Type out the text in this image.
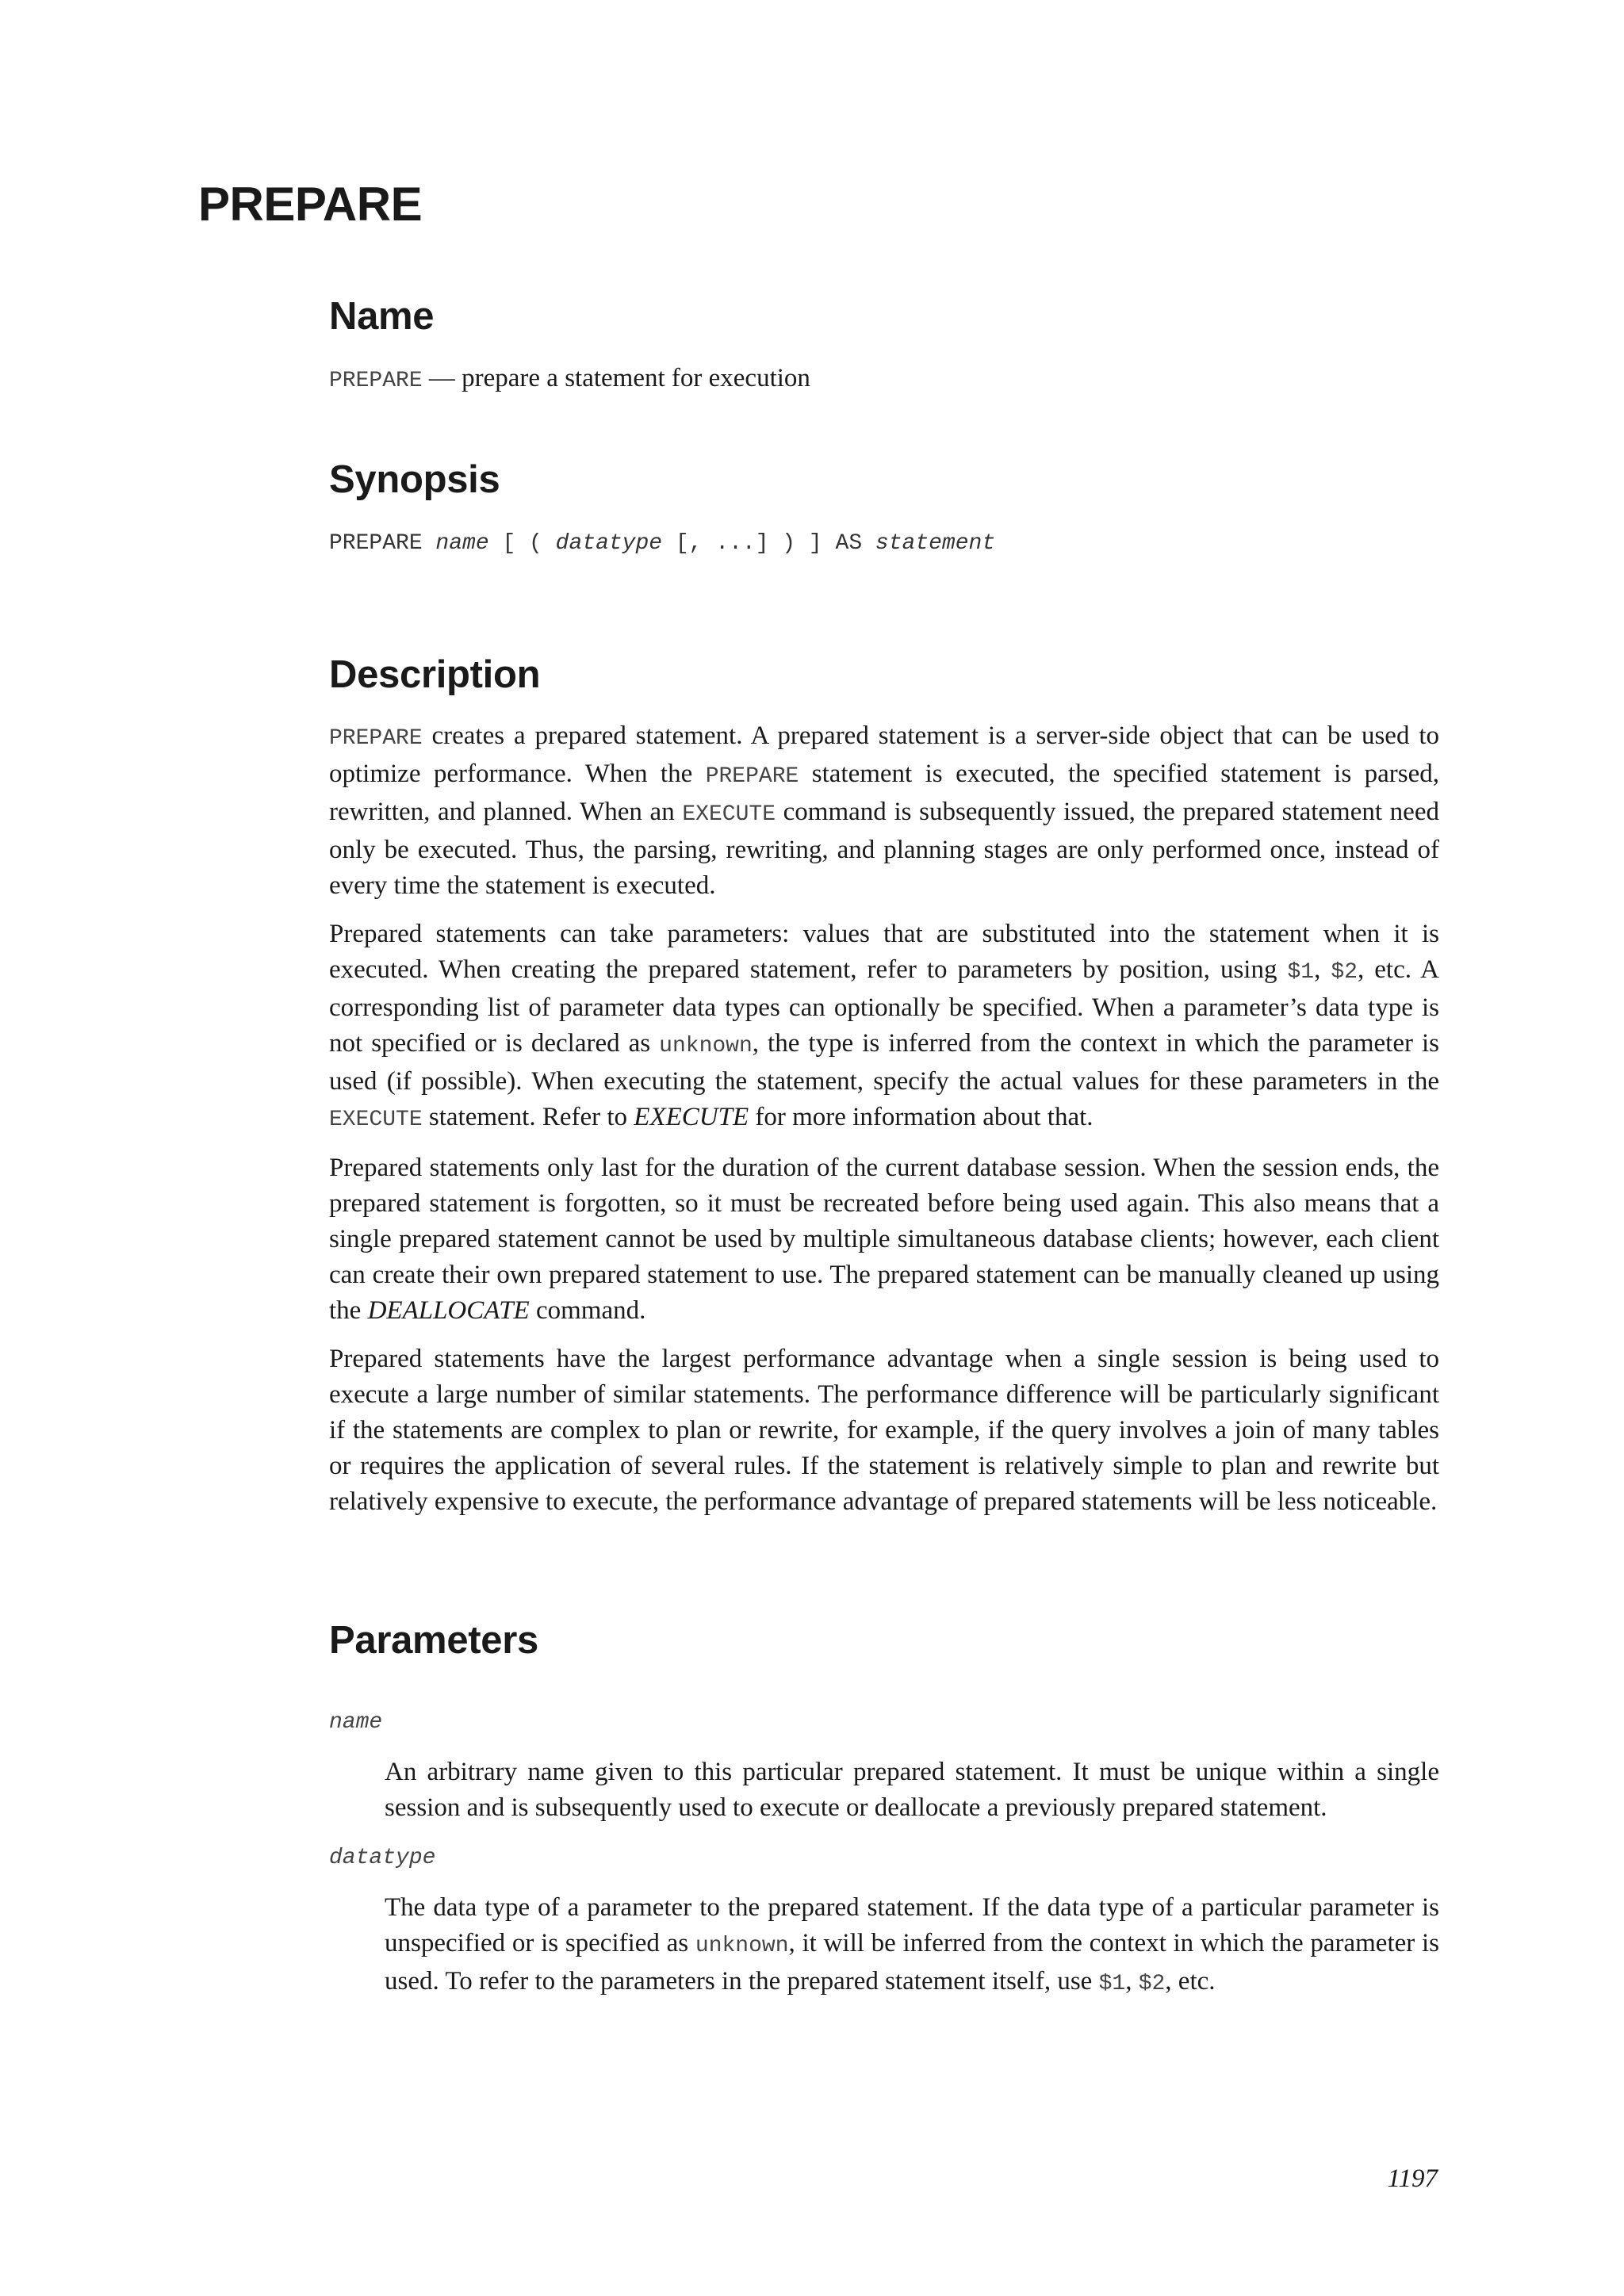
PREPARE
Name
PREPARE — prepare a statement for execution
Synopsis
PREPARE name [ ( datatype [, ...] ) ] AS statement
Description

PREPARE creates a prepared statement. A prepared statement is a server-side object that can be used to optimize performance. When the PREPARE statement is executed, the specified statement is parsed, rewritten, and planned. When an EXECUTE command is subsequently issued, the prepared statement need only be executed. Thus, the parsing, rewriting, and planning stages are only performed once, instead of every time the statement is executed.

Prepared statements can take parameters: values that are substituted into the statement when it is executed. When creating the prepared statement, refer to parameters by position, using $1, $2, etc. A corresponding list of parameter data types can optionally be specified. When a parameter’s data type is not specified or is declared as unknown, the type is inferred from the context in which the parameter is used (if possible). When executing the statement, specify the actual values for these parameters in the EXECUTE statement. Refer to EXECUTE for more information about that.

Prepared statements only last for the duration of the current database session. When the session ends, the prepared statement is forgotten, so it must be recreated before being used again. This also means that a single prepared statement cannot be used by multiple simultaneous database clients; however, each client can create their own prepared statement to use. The prepared statement can be manually cleaned up using the DEALLOCATE command.

Prepared statements have the largest performance advantage when a single session is being used to execute a large number of similar statements. The performance difference will be particularly significant if the statements are complex to plan or rewrite, for example, if the query involves a join of many tables or requires the application of several rules. If the statement is relatively simple to plan and rewrite but relatively expensive to execute, the performance advantage of prepared statements will be less noticeable.

Parameters
name

An arbitrary name given to this particular prepared statement. It must be unique within a single session and is subsequently used to execute or deallocate a previously prepared statement.

datatype

The data type of a parameter to the prepared statement. If the data type of a particular parameter is unspecified or is specified as unknown, it will be inferred from the context in which the parameter is used. To refer to the parameters in the prepared statement itself, use $1, $2, etc.

1197
